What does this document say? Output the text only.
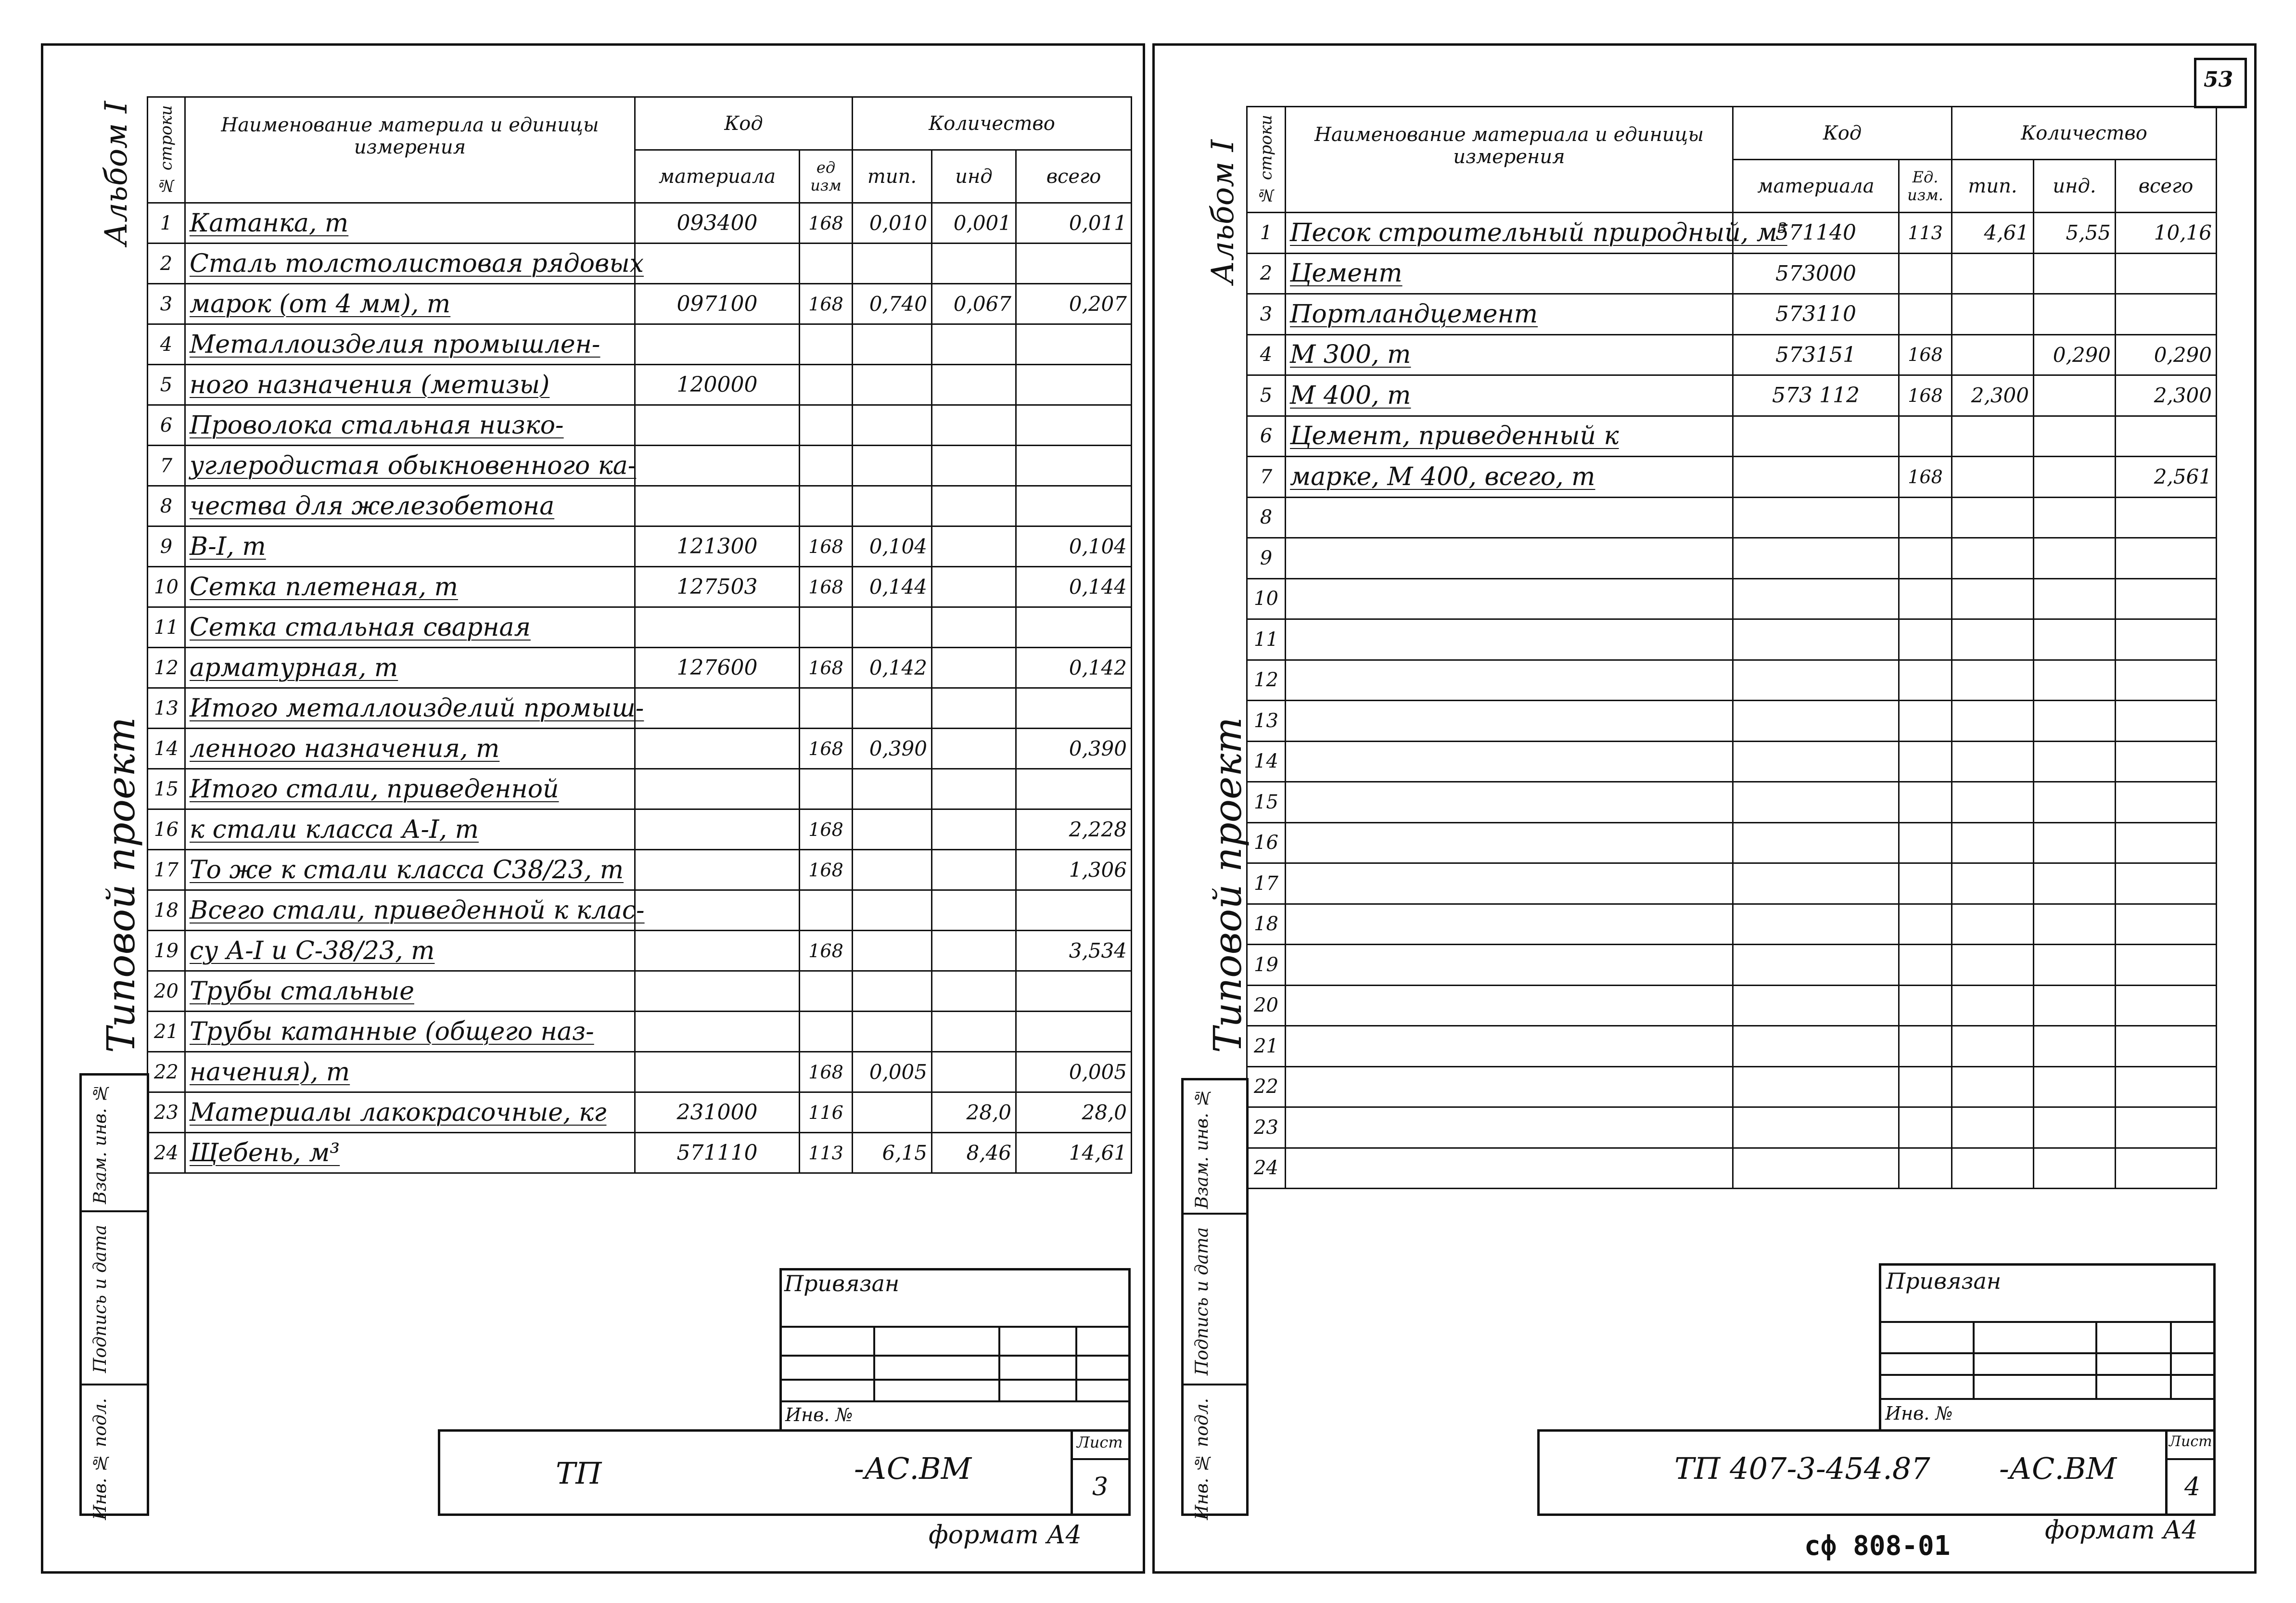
Альбом I
Типовой проект
№ строки	Наименование материла и единицы измерения	Код		Количество		
		материала	ед изм	тип.	инд	всего
1	Катанка, т	093400	168	0,010	0,001	0,011
2	Сталь толстолистовая рядовых					
3	марок (от 4 мм), т	097100	168	0,740	0,067	0,207
4	Металлоизделия промышлен-					
5	ного назначения (метизы)	120000				
6	Проволока стальная низко-					
7	углеродистая обыкновенного ка-					
8	чества для железобетона					
9	В-I, т	121300	168	0,104		0,104
10	Сетка плетеная, т	127503	168	0,144		0,144
11	Сетка стальная сварная					
12	арматурная, т	127600	168	0,142		0,142
13	Итого металлоизделий промыш-					
14	ленного назначения, т		168	0,390		0,390
15	Итого стали, приведенной					
16	к стали класса А-I, т		168			2,228
17	То же к стали класса С38/23, т		168			1,306
18	Всего стали, приведенной к клас-					
19	су А-I и С-38/23, т		168			3,534
20	Трубы стальные					
21	Трубы катанные (общего наз-					
22	начения), т		168	0,005		0,005
23	Материалы лакокрасочные, кг	231000	116		28,0	28,0
24	Щебень, м³	571110	113	6,15	8,46	14,61
Взам. инв. №
Подпись и дата
Инв. № подл.
Привязан
Инв. №
ТП	-АС.ВМ
Лист
3
формат А4
53
Альбом I
Типовой проект
№ строки	Наименование материала и единицы измерения	Код		Количество		
		материала	Ед. изм.	тип.	инд.	всего
1	Песок строительный природный, м³	571140	113	4,61	5,55	10,16
2	Цемент	573000				
3	Портландцемент	573110				
4	М 300, т	573151	168		0,290	0,290
5	М 400, т	573 112	168	2,300		2,300
6	Цемент, приведенный к					
7	марке, М 400, всего, т		168			2,561
8						
9						
10						
11						
12						
13						
14						
15						
16						
17						
18						
19						
20						
21						
22						
23						
24						
Взам. инв. №
Подпись и дата
Инв. № подл.
Привязан
Инв. №
ТП 407-3-454.87 -АС.ВМ
Лист
4
формат А4
сф 808-01
